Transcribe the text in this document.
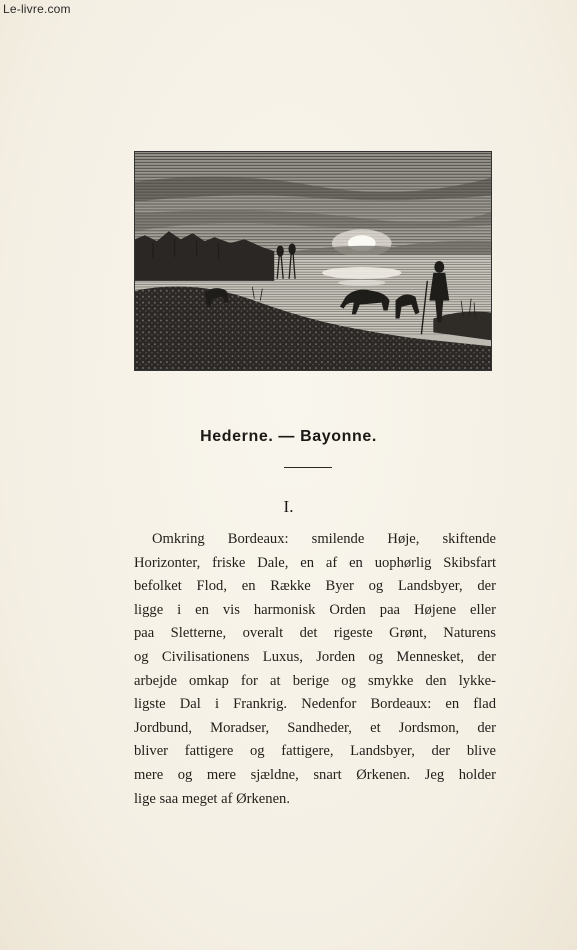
Le-livre.com
Hederne. — Bayonne.
I.
Omkring Bordeaux: smilende Høje, skiftende
Horizonter, friske Dale, en af en uophørlig Skibsfart
befolket Flod, en Række Byer og Landsbyer, der
ligge i en vis harmonisk Orden paa Højene eller
paa Sletterne, overalt det rigeste Grønt, Naturens
og Civilisationens Luxus, Jorden og Mennesket, der
arbejde omkap for at berige og smykke den lykke-
ligste Dal i Frankrig. Nedenfor Bordeaux: en flad
Jordbund, Moradser, Sandheder, et Jordsmon, der
bliver fattigere og fattigere, Landsbyer, der blive
mere og mere sjældne, snart Ørkenen. Jeg holder
lige saa meget af Ørkenen.
